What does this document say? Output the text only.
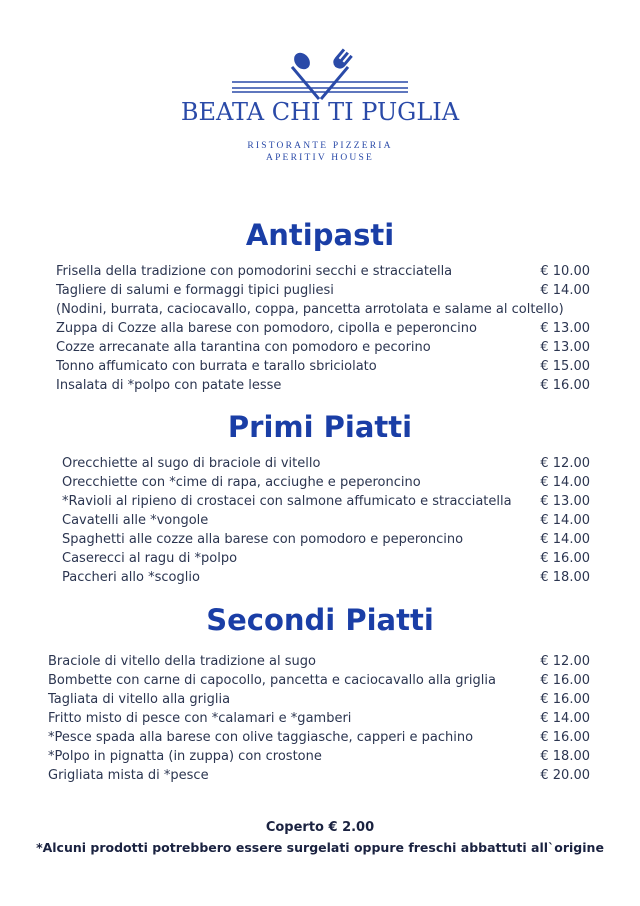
BEATA CHI TI PUGLIA
RISTORANTE PIZZERIA
APERITIV HOUSE
Antipasti
Frisella della tradizione con pomodorini secchi e stracciatella	€ 10.00
Tagliere di salumi e formaggi tipici pugliesi	€ 14.00
(Nodini, burrata, caciocavallo, coppa, pancetta arrotolata e salame al coltello)
Zuppa di Cozze alla barese con pomodoro, cipolla e peperoncino	€ 13.00
Cozze arrecanate alla tarantina con pomodoro e pecorino	€ 13.00
Tonno affumicato con burrata e tarallo sbriciolato	€ 15.00
Insalata di *polpo con patate lesse	€ 16.00
Primi Piatti
Orecchiette al sugo di braciole di vitello	€ 12.00
Orecchiette con *cime di rapa, acciughe e peperoncino	€ 14.00
*Ravioli al ripieno di crostacei con salmone affumicato e stracciatella € 13.00
Cavatelli alle *vongole	€ 14.00
Spaghetti alle cozze alla barese con pomodoro e peperoncino	€ 14.00
Caserecci al ragu di *polpo	€ 16.00
Paccheri allo *scoglio	€ 18.00
Secondi Piatti
Braciole di vitello della tradizione al sugo	€ 12.00
Bombette con carne di capocollo, pancetta e caciocavallo alla griglia	€ 16.00
Tagliata di vitello alla griglia	€ 16.00
Fritto misto di pesce con *calamari e *gamberi	€ 14.00
*Pesce spada alla barese con olive taggiasche, capperi e pachino	€ 16.00
*Polpo in pignatta (in zuppa) con crostone	€ 18.00
Grigliata mista di *pesce	€ 20.00
Coperto € 2.00
*Alcuni prodotti potrebbero essere surgelati oppure freschi abbattuti all`origine
